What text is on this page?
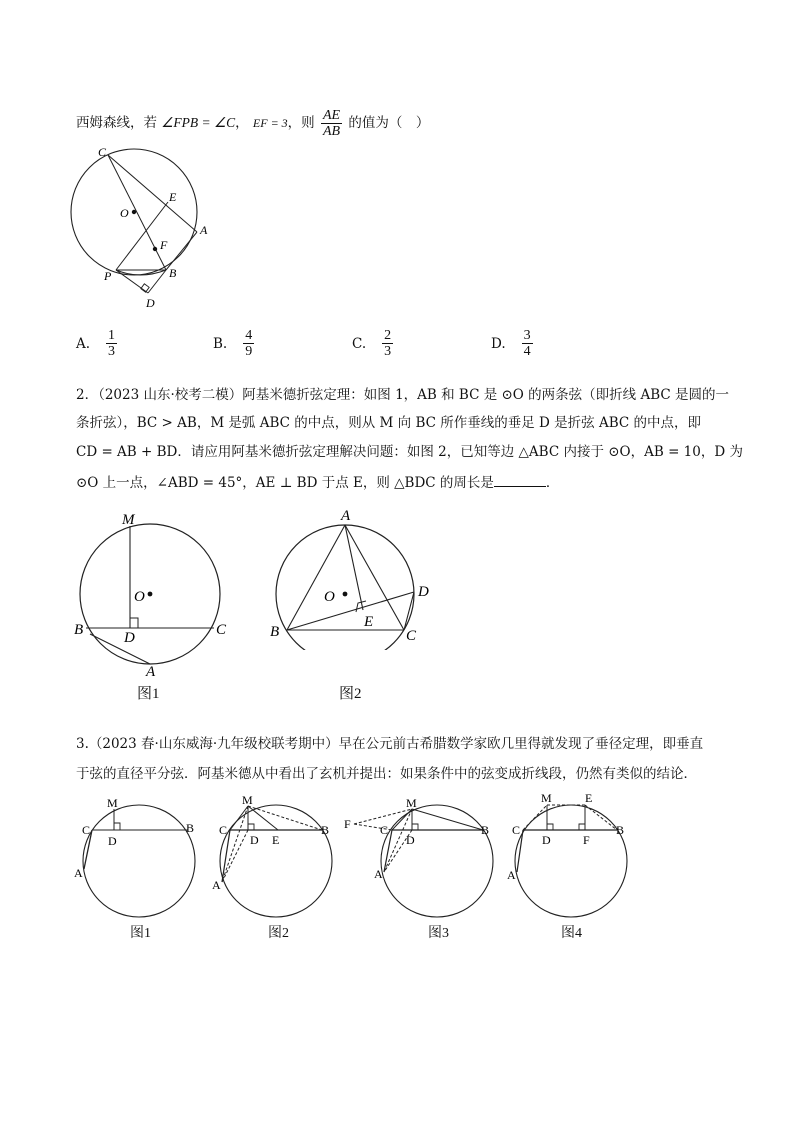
西姆森线，若 ∠FPB = ∠C， EF = 3，则 $\frac{AE}{AB}$ 的值为（　）
C
E
O
F
A
P	B
D
A. $\frac{1}{3}$	B. $\frac{4}{9}$	C. $\frac{2}{3}$	D. $\frac{3}{4}$
2．（2023 山东·校考二模）阿基米德折弦定理：如图 1，AB 和 BC 是 ⊙O 的两条弦（即折线 ABC 是圆的一
条折弦），BC > AB，M 是弧 ABC 的中点，则从 M 向 BC 所作垂线的垂足 D 是折弦 ABC 的中点，即
CD = AB + BD．请应用阿基米德折弦定理解决问题：如图 2，已知等边 △ABC 内接于 ⊙O，AB = 10，D 为
⊙O 上一点，∠ABD = 45°，AE ⊥ BD 于点 E，则 △BDC 的周长是	．
M
O
B	D	C
A
图1
A
O	D
E
B	C
图2
3.（2023 春·山东威海·九年级校联考期中）早在公元前古希腊数学家欧几里得就发现了垂径定理，即垂直
于弦的直径平分弦．阿基米德从中看出了玄机并提出：如果条件中的弦变成折线段，仍然有类似的结论．
M
C
D
B
A
图1
M
C
D E
B
A
图2
F
M
C
D
B
A
图3
M	E
C
D	F
B
A
图4
